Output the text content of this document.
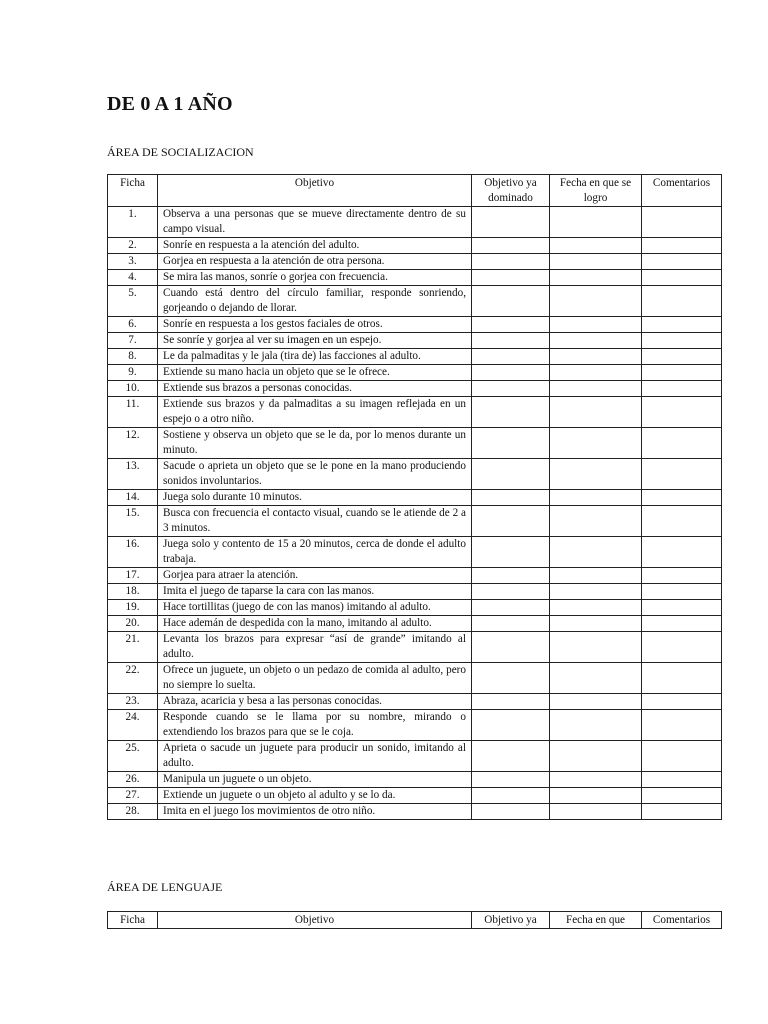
DE 0 A 1 AÑO
ÁREA DE SOCIALIZACION
Ficha	Objetivo	Objetivo ya dominado	Fecha en que se logro	Comentarios
1.	Observa a una personas que se mueve directamente dentro de su campo visual.			
2.	Sonríe en respuesta a la atención del adulto.			
3.	Gorjea en respuesta a la atención de otra persona.			
4.	Se mira las manos, sonríe o gorjea con frecuencia.			
5.	Cuando está dentro del círculo familiar, responde sonriendo, gorjeando o dejando de llorar.			
6.	Sonríe en respuesta a los gestos faciales de otros.			
7.	Se sonríe y gorjea al ver su imagen en un espejo.			
8.	Le da palmaditas y le jala (tira de) las facciones al adulto.			
9.	Extiende su mano hacia un objeto que se le ofrece.			
10.	Extiende sus brazos a personas conocidas.			
11.	Extiende sus brazos y da palmaditas a su imagen reflejada en un espejo o a otro niño.			
12.	Sostiene y observa un objeto que se le da, por lo menos durante un minuto.			
13.	Sacude o aprieta un objeto que se le pone en la mano produciendo sonidos involuntarios.			
14.	Juega solo durante 10 minutos.			
15.	Busca con frecuencia el contacto visual, cuando se le atiende de 2 a 3 minutos.			
16.	Juega solo y contento de 15 a 20 minutos, cerca de donde el adulto trabaja.			
17.	Gorjea para atraer la atención.			
18.	Imita el juego de taparse la cara con las manos.			
19.	Hace tortillitas (juego de con las manos) imitando al adulto.			
20.	Hace ademán de despedida con la mano, imitando al adulto.			
21.	Levanta los brazos para expresar “así de grande” imitando al adulto.			
22.	Ofrece un juguete, un objeto o un pedazo de comida al adulto, pero no siempre lo suelta.			
23.	Abraza, acaricia y besa a las personas conocidas.			
24.	Responde cuando se le llama por su nombre, mirando o extendiendo los brazos para que se le coja.			
25.	Aprieta o sacude un juguete para producir un sonido, imitando al adulto.			
26.	Manipula un juguete o un objeto.			
27.	Extiende un juguete o un objeto al adulto y se lo da.			
28.	Imita en el juego los movimientos de otro niño.			
ÁREA DE LENGUAJE
Ficha	Objetivo	Objetivo ya	Fecha en que	Comentarios
